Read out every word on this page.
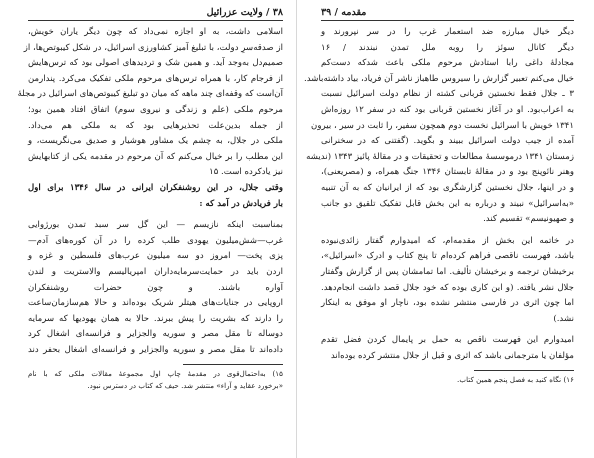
۳۸ / ولایت عزرائیل
اسلامی داشت، به او اجازه نمی‌داد که چون دیگر یاران خویش،
از صدقه‌سرِ دولت، با تبلیغ آمیز کشاورزی اسرائیل، در شکل کیبوتص‌ها، از
صمیم‌دل به‌وجد آید. و همین شک و تردیدهای اصولی بود که ترس‌هایش
از فرجام کار، با همراه ترس‌های مرحوم ملکی تفکیک می‌کرد. پندارمن
آن‌است که وقفه‌ای چند ماهه که میان دو تبلیغ کیبوتص‌های اسرائیل در مجلهٔ
مرحوم ملکی (علم و زندگی و نیروی سوم) اتفاق افتاد همین بود؛
از جمله بدین‌علت تحذیرهایی بود که به ملکی هم می‌داد.
ملکی در جلال، به چشم یک مشاور هوشیار و صدیق می‌نگریست، و
این مطلب را بر خیال می‌کنم که آن مرحوم در مقدمه یکی از کتابهایش
نیز یادکرده است. ۱۵
وقتی جلال، در این روشنفکران ایرانی در سال ۱۳۴۶ برای اول
بار فریادش در آمد که :
بمناسبت اینکه نازیسم — این گل سر سبد تمدن بورژوایی
غرب—شش‌میلیون یهودی طلب کرده را در آن کوره‌های آدم—
پزی پخت— امروز دو سه میلیون عرب‌های فلسطین و غزه و
اردن باید در حمایت‌سرمایه‌داران‌ امپریالیسم‌ والاستریت و لندن
آواره‌ باشند. و چون حضرات روشنفکران
اروپایی در جنایات‌های هیتلر شریک بوده‌اند و حالا هم‌سازمان‌ساعت
را دارند که بشریت را پیش ببرند. حالا به همان یهودیها که سرمایه
دوساله تا مقل مصر و سوریه والجزایر و فرانسه‌ای اشغال کرد
داده‌اند تا مقل مصر و سوریه والجزایر و فرانسه‌ای اشغال بحفر دند
۱۵) به‌احتمال‌قوی در مقدمهٔ چاپ اول مجموعهٔ مقالات ملکی که با نام
«برخورد عقاید و آراء» منتشر شد. حیف که کتاب در دسترس نبود.
مقدمه / ۳۹
دیگر خیال مبارزه ضد استعمار غرب را در سر نپرورند و
دیگر کانال سوئز را روبه ملل تمدن نبندند / ۱۶
مجادلهٔ داغی رابا استادش مرحوم ملکی باعث شدکه دست‌کم
خیال می‌کنم تعبیر گزارش‌ را سیروس طاهباز ناشر آن فریاد، بیاد داشته‌باشد.
۳ ـ جلال فقط نخستین قربانی کشته‌ از نظام دولت اسرائیل نسبت
به اعراب‌بود. او در آغاز نخستین قربانی بود کنه در سفر ۱۲ روزه‌اش
۱۳۴۱ خویش‌ با اسرائیل نخست‌ دوم همچون سفیر، را ثابت‌ در سیر ، بیرون
آمده از جیب دولت اسرائیل ببیند و بگوید. (گفتنی که در سخنرانی
زمستان ۱۳۴۱ درموسسهٔ مطالعات و تحقیقات و در مقالهٔ پائیز ۱۳۴۳ (ندیشه
وهنر نائوپنج بود و در مقالهٔ تابستان ۱۳۴۶ جنگ همراه، و (مصریعنی)،
و در اینها، جلال نخستین گزارشگری بود که از ایرانیان که به آن تنبیه
«به‌اسرائیل» نبیند و درباره به این بخش قابل تفکیک تلقیق دو جانب
و صهیونیسم» تقسیم کند.
در خاتمه این بخش از مقدمه‌ام، که امیدوارم گفتار زائدی‌نبوده
باشد، فهرست ناقصی فراهم کرده‌ام تا پنج کتاب و ادرک «اسرائیل»،
برخیشان ترجمه و برخیشان تألیف. اما تمامشان پس از گزارش وگفتار
جلال نشر یافته. (و این کاری بوده که خود جلال قصد داشت انجام‌دهد.
اما چون اثری در فارسی منتشر نشده بود، ناچار او موفق به اینکار
نشد.)
امیدوارم این فهرست ناقص به حمل بر پایمال کردن فضل تقدم
مؤلفان یا مترجمانی باشد که اثری و قبل از جلال منتشر کرده بوده‌اند
۱۶) نگاه کنید به فصل پنجم همین کتاب.
